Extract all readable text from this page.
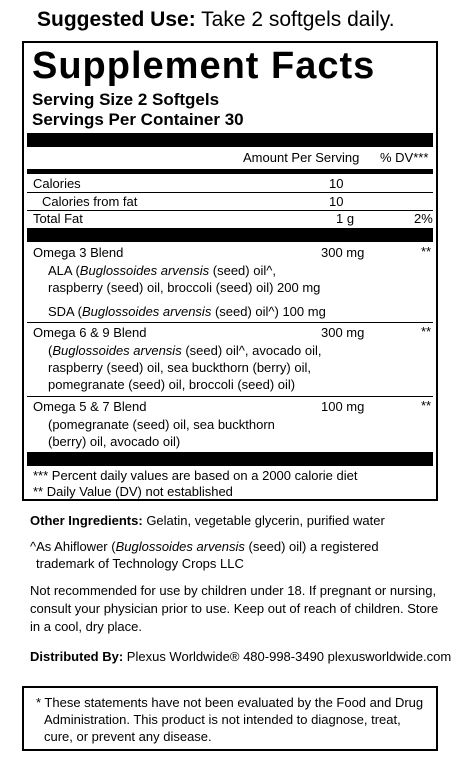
Suggested Use: Take 2 softgels daily.
Supplement Facts
Serving Size 2 Softgels
Servings Per Container 30
Amount Per Serving % DV***
Calories	10
Calories from fat	10
Total Fat	1 g	2%
Omega 3 Blend	300 mg	**
ALA (Buglossoides arvensis (seed) oil^,
raspberry (seed) oil, broccoli (seed) oil) 200 mg
SDA (Buglossoides arvensis (seed) oil^) 100 mg
Omega 6 & 9 Blend	300 mg	**
(Buglossoides arvensis (seed) oil^, avocado oil,
raspberry (seed) oil, sea buckthorn (berry) oil,
pomegranate (seed) oil, broccoli (seed) oil)
Omega 5 & 7 Blend	100 mg	**
(pomegranate (seed) oil, sea buckthorn
(berry) oil, avocado oil)
*** Percent daily values are based on a 2000 calorie diet
** Daily Value (DV) not established
Other Ingredients: Gelatin, vegetable glycerin, purified water
^As Ahiflower (Buglossoides arvensis (seed) oil) a registered
trademark of Technology Crops LLC
Not recommended for use by children under 18. If pregnant or nursing,
consult your physician prior to use. Keep out of reach of children. Store
in a cool, dry place.
Distributed By: Plexus Worldwide® 480-998-3490 plexusworldwide.com
* These statements have not been evaluated by the Food and Drug
Administration. This product is not intended to diagnose, treat,
cure, or prevent any disease.
